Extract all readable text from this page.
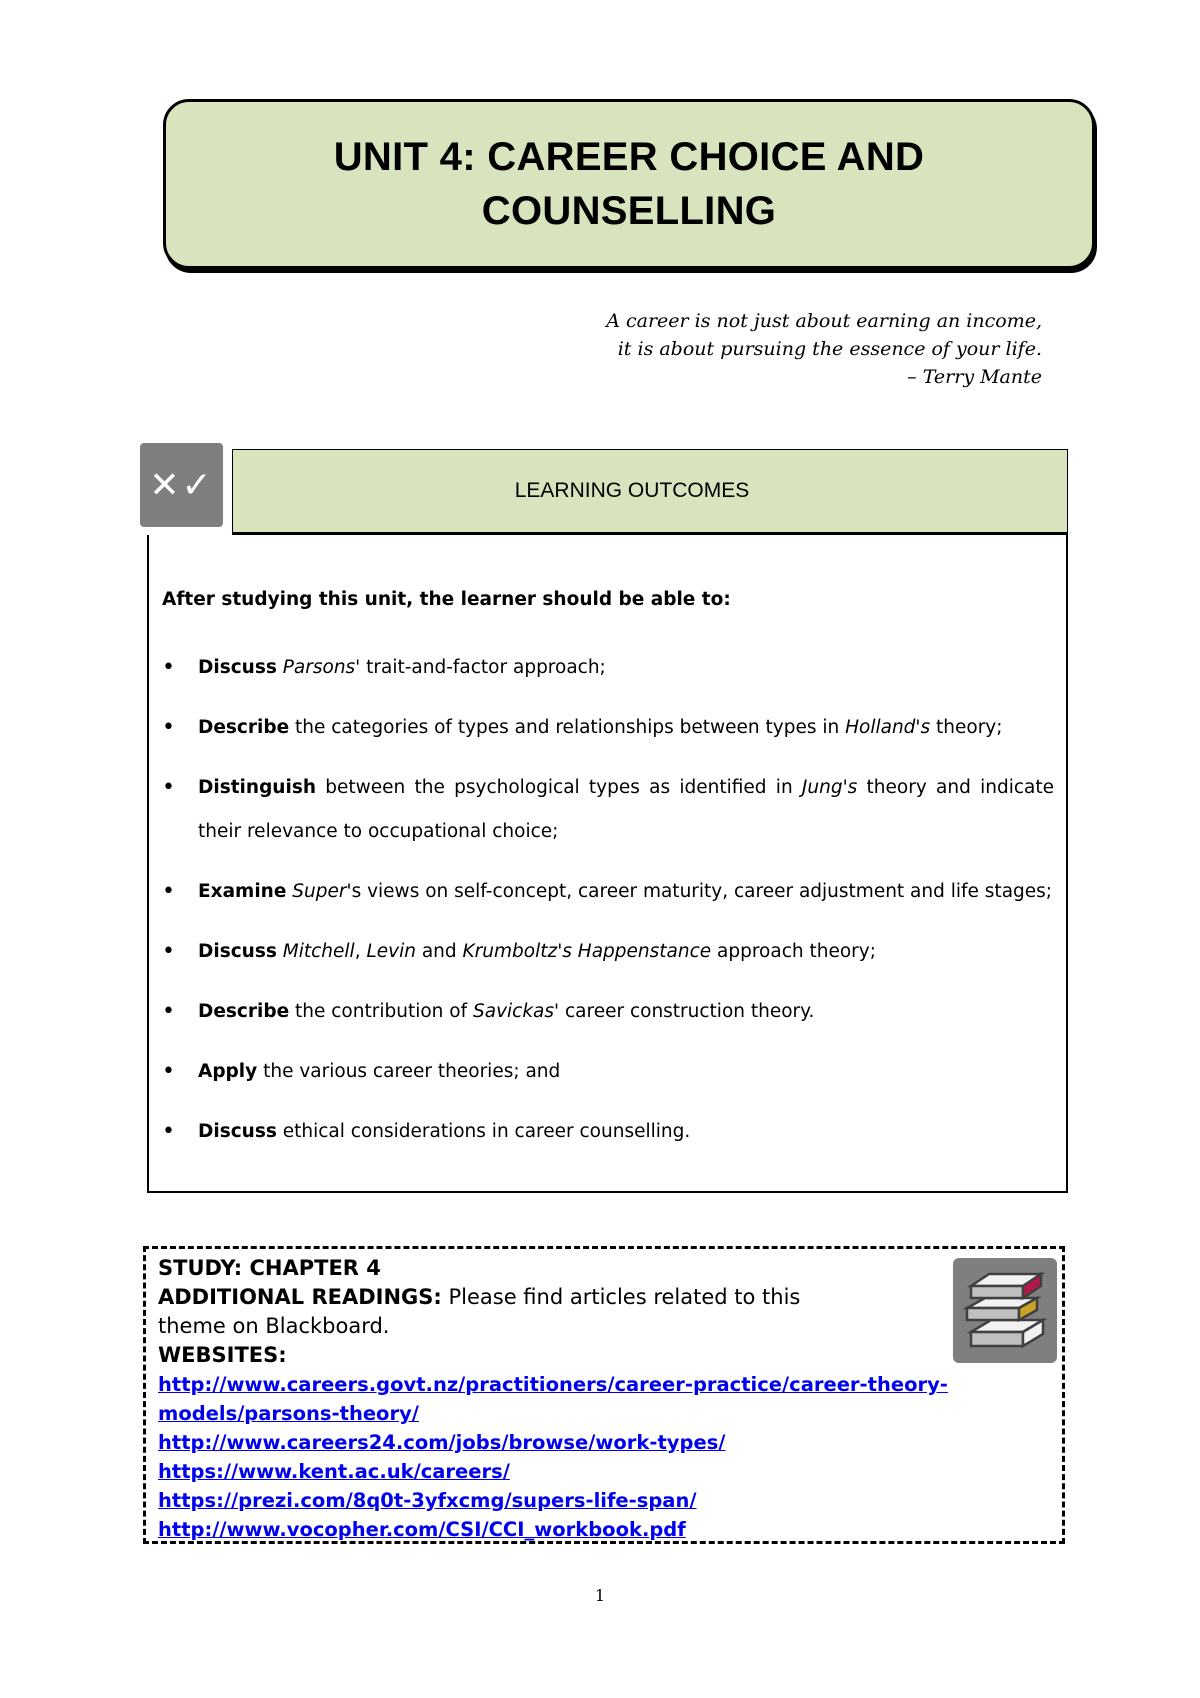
UNIT 4: CAREER CHOICE AND
COUNSELLING
A career is not just about earning an income,
it is about pursuing the essence of your life.
– Terry Mante
✕✓	LEARNING OUTCOMES
After studying this unit, the learner should be able to:
• Discuss Parsons' trait-and-factor approach;
• Describe the categories of types and relationships between types in Holland's theory;
• Distinguish between the psychological types as identified in Jung's theory and indicate their relevance to occupational choice;
• Examine Super's views on self-concept, career maturity, career adjustment and life stages;
• Discuss Mitchell, Levin and Krumboltz's Happenstance approach theory;
• Describe the contribution of Savickas' career construction theory.
• Apply the various career theories; and
• Discuss ethical considerations in career counselling.
STUDY: CHAPTER 4
ADDITIONAL READINGS: Please find articles related to this
theme on Blackboard.
WEBSITES:
http://www.careers.govt.nz/practitioners/career-practice/career-theory-
models/parsons-theory/
http://www.careers24.com/jobs/browse/work-types/
https://www.kent.ac.uk/careers/
https://prezi.com/8q0t-3yfxcmg/supers-life-span/
http://www.vocopher.com/CSI/CCI_workbook.pdf
1
